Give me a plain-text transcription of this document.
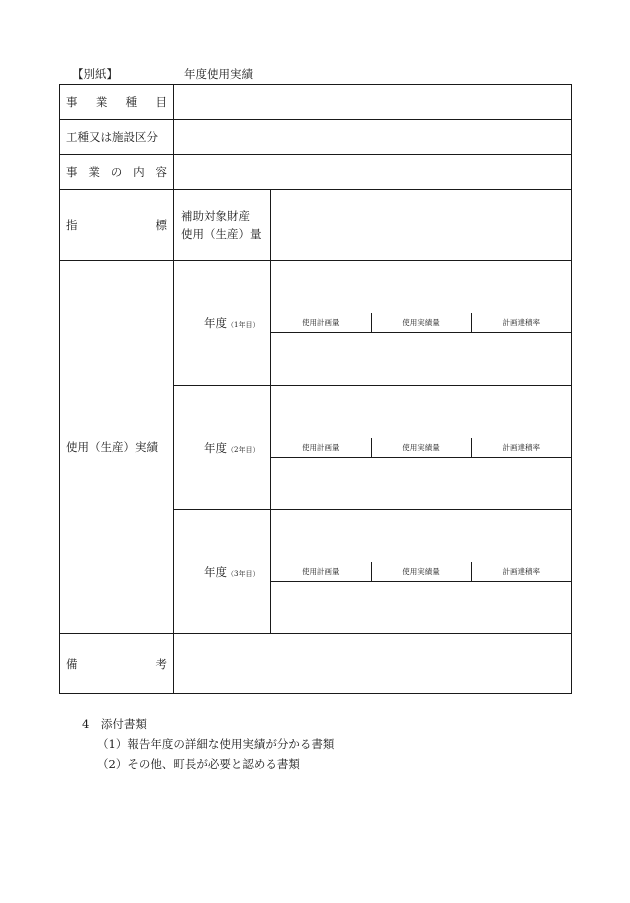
【別紙】	年度使用実績
事 業 種 目

工種又は施設区分

事 業 の 内 容

指	標

補助対象財産
使用（生産）量

使用（生産）実績
	年度（1年目）		使用計画量	使用実績量	計画達積率

年度（2年目）		使用計画量	使用実績量	計画達積率

年度（3年目）		使用計画量	使用実績量	計画達積率

備	考

4　 添付書類
（1）報告年度の詳細な使用実績が分かる書類
（2）その他、町長が必要と認める書類
